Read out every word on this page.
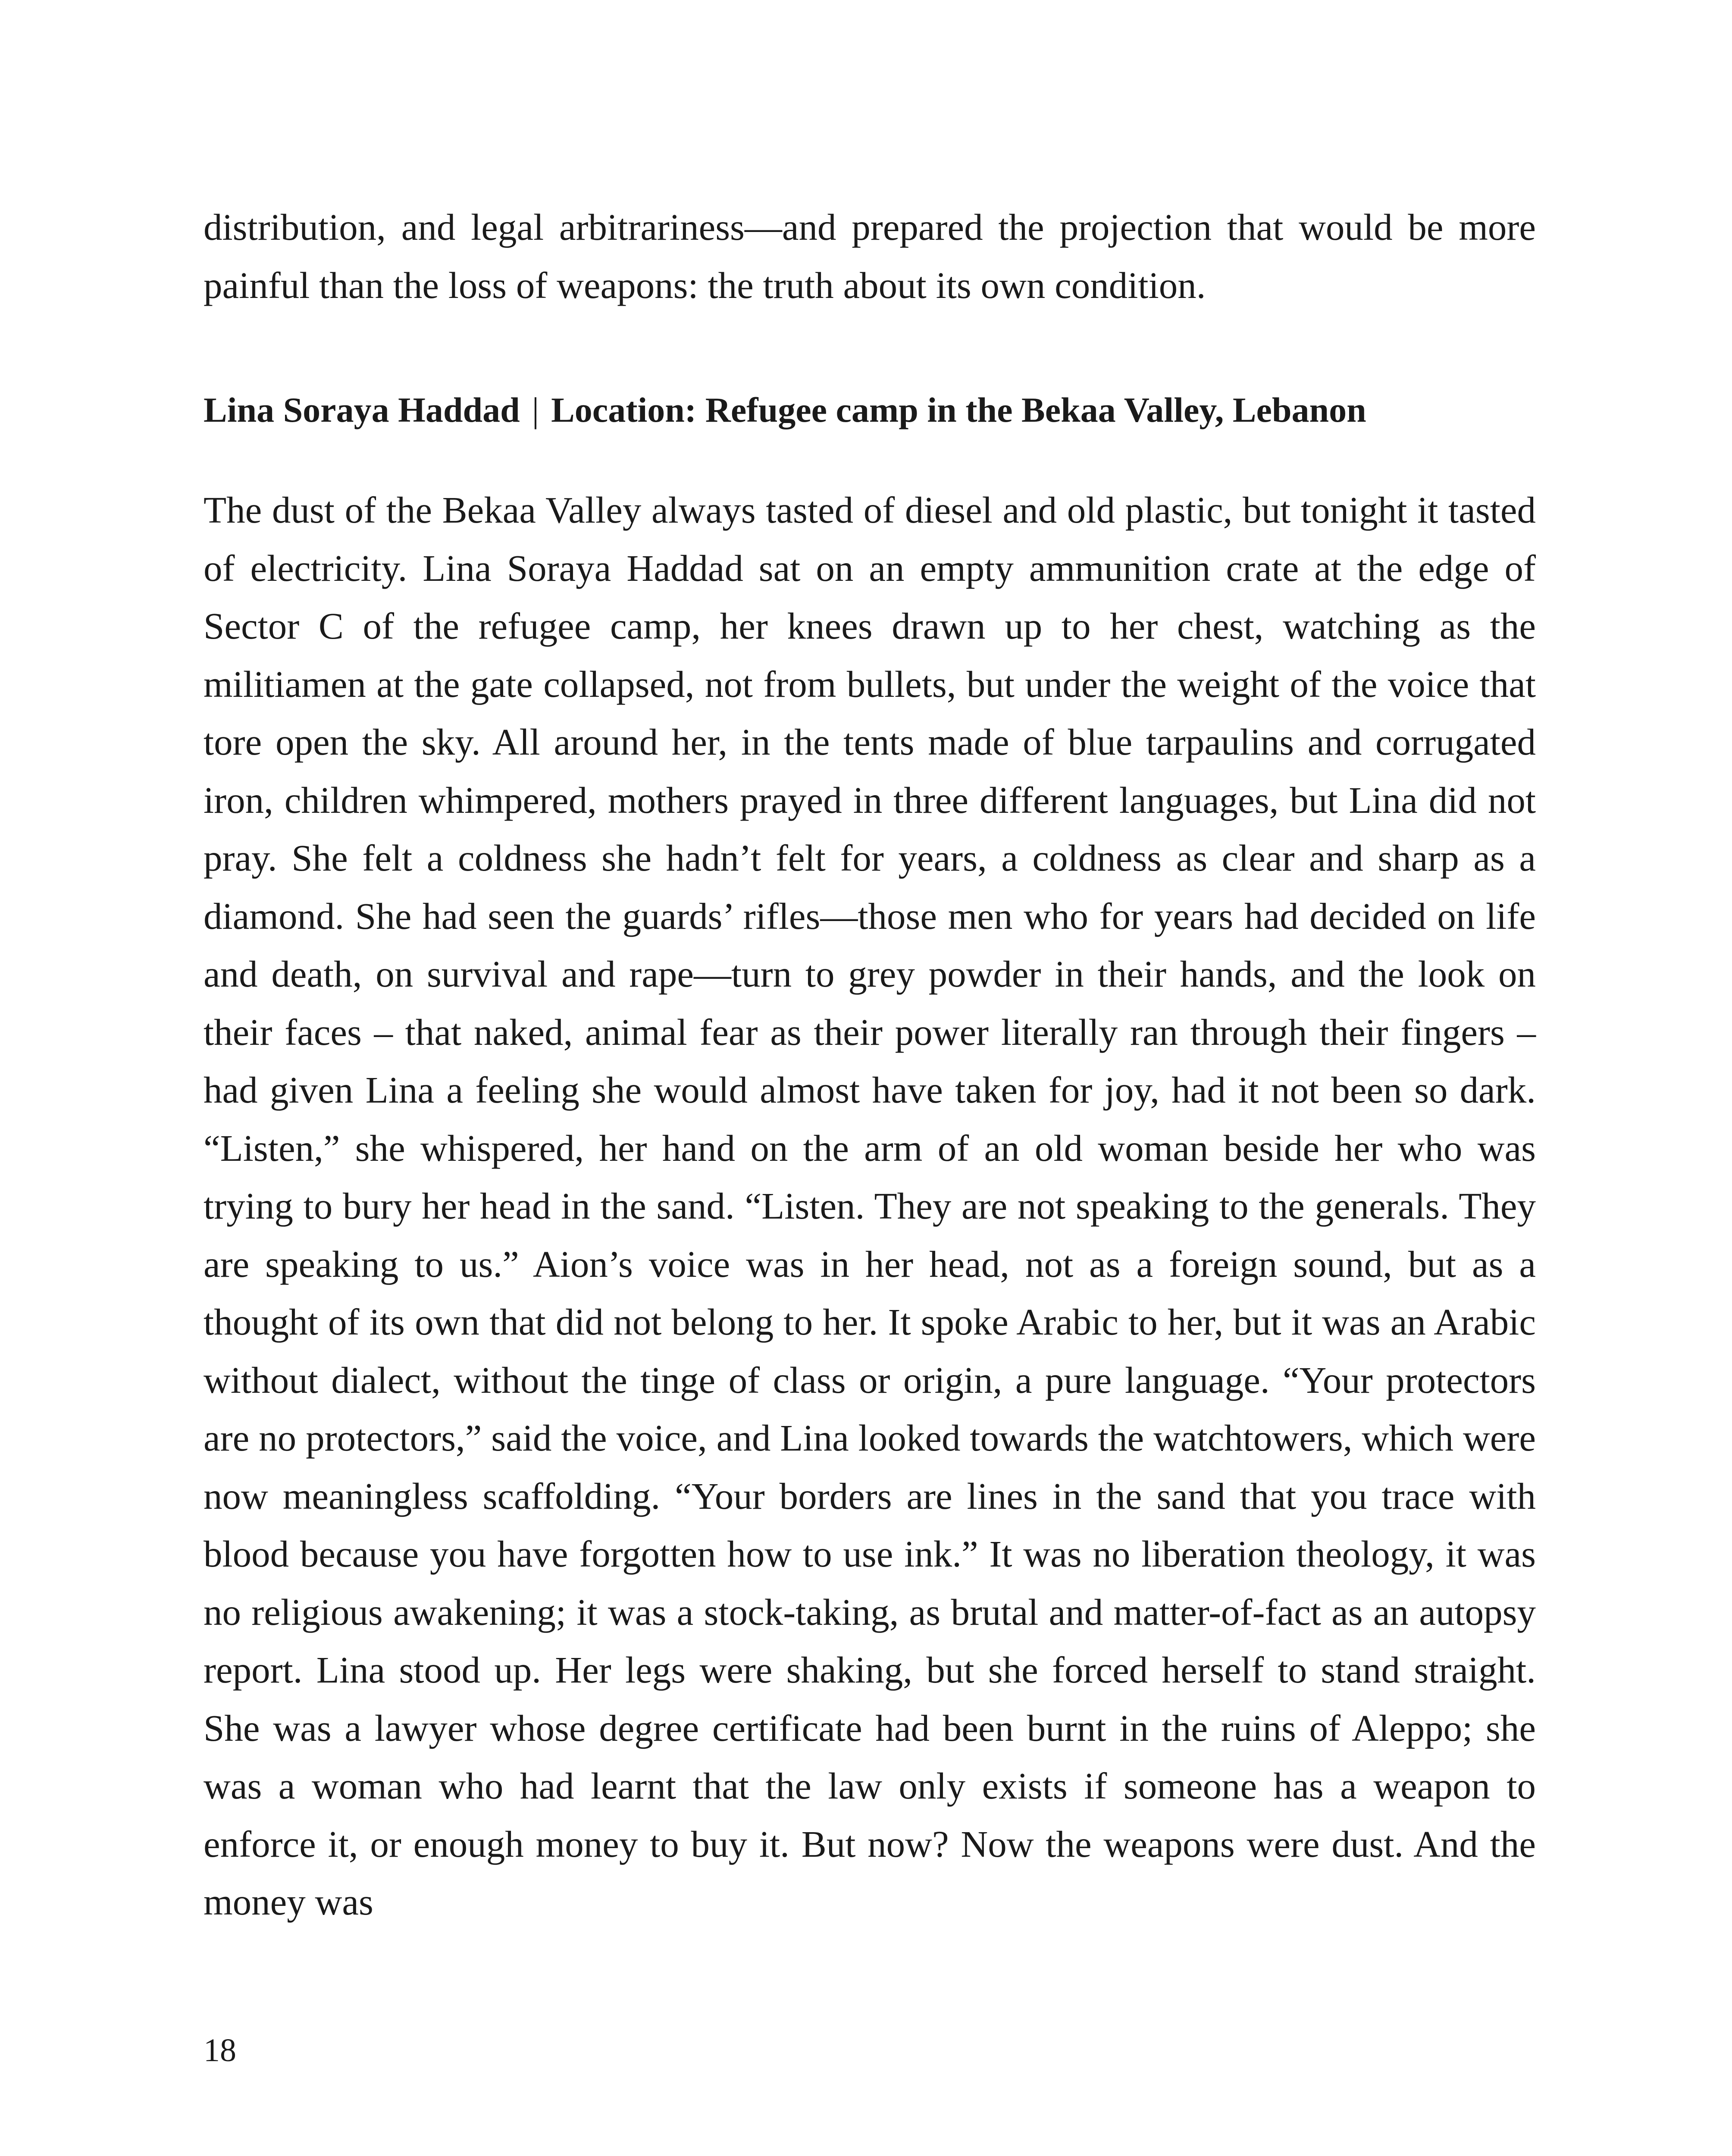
distribution, and legal arbitrariness—and prepared the projection that would be more painful than the loss of weapons: the truth about its own condition.

Lina Soraya Haddad | Location: Refugee camp in the Bekaa Valley, Lebanon

The dust of the Bekaa Valley always tasted of diesel and old plastic, but tonight it tasted of electricity. Lina Soraya Haddad sat on an empty ammunition crate at the edge of Sector C of the refugee camp, her knees drawn up to her chest, watching as the militiamen at the gate collapsed, not from bullets, but under the weight of the voice that tore open the sky. All around her, in the tents made of blue tarpaulins and corrugated iron, children whimpered, mothers prayed in three different languages, but Lina did not pray. She felt a coldness she hadn’t felt for years, a coldness as clear and sharp as a diamond. She had seen the guards’ rifles—those men who for years had decided on life and death, on survival and rape—turn to grey powder in their hands, and the look on their faces – that naked, animal fear as their power literally ran through their fingers – had given Lina a feeling she would almost have taken for joy, had it not been so dark. “Listen,” she whispered, her hand on the arm of an old woman beside her who was trying to bury her head in the sand. “Listen. They are not speaking to the generals. They are speaking to us.” Aion’s voice was in her head, not as a foreign sound, but as a thought of its own that did not belong to her. It spoke Arabic to her, but it was an Arabic without dialect, without the tinge of class or origin, a pure language. “Your protectors are no protectors,” said the voice, and Lina looked towards the watchtowers, which were now meaningless scaffolding. “Your borders are lines in the sand that you trace with blood because you have forgotten how to use ink.” It was no liberation theology, it was no religious awakening; it was a stock-taking, as brutal and matter-of-fact as an autopsy report. Lina stood up. Her legs were shaking, but she forced herself to stand straight. She was a lawyer whose degree certificate had been burnt in the ruins of Aleppo; she was a woman who had learnt that the law only exists if someone has a weapon to enforce it, or enough money to buy it. But now? Now the weapons were dust. And the money was

18
